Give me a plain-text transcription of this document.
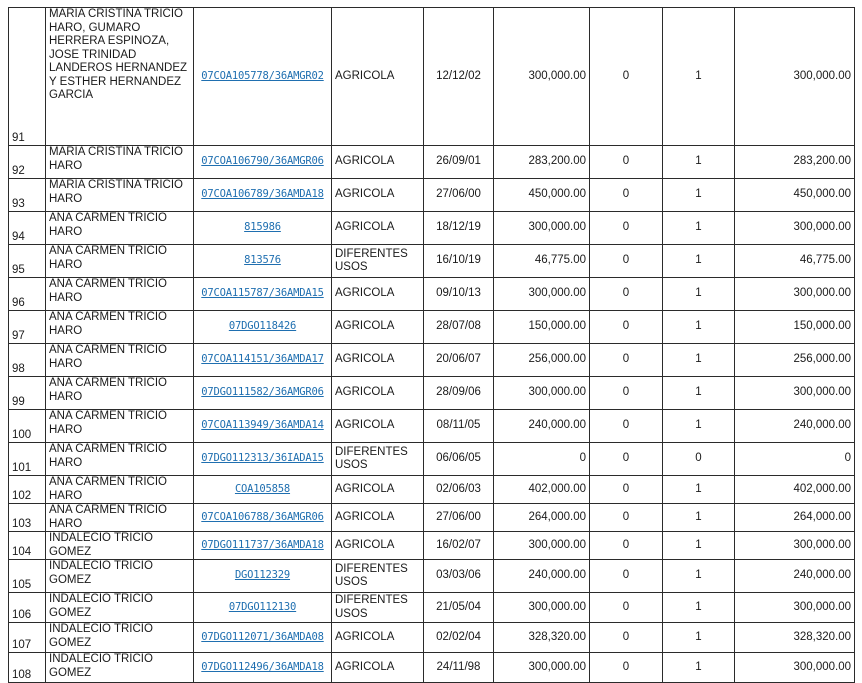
91	MARIA CRISTINA TRICIO HARO, GUMARO HERRERA ESPINOZA, JOSE TRINIDAD LANDEROS HERNANDEZ Y ESTHER HERNANDEZ GARCIA	07COA105778/36AMGR02	AGRICOLA	12/12/02	300,000.00	0	1	300,000.00
92	MARIA CRISTINA TRICIO HARO	07COA106790/36AMGR06	AGRICOLA	26/09/01	283,200.00	0	1	283,200.00
93	MARIA CRISTINA TRICIO HARO	07COA106789/36AMDA18	AGRICOLA	27/06/00	450,000.00	0	1	450,000.00
94	ANA CARMEN TRICIO HARO	815986	AGRICOLA	18/12/19	300,000.00	0	1	300,000.00
95	ANA CARMEN TRICIO HARO	813576	DIFERENTES USOS	16/10/19	46,775.00	0	1	46,775.00
96	ANA CARMEN TRICIO HARO	07COA115787/36AMDA15	AGRICOLA	09/10/13	300,000.00	0	1	300,000.00
97	ANA CARMEN TRICIO HARO	07DGO118426	AGRICOLA	28/07/08	150,000.00	0	1	150,000.00
98	ANA CARMEN TRICIO HARO	07COA114151/36AMDA17	AGRICOLA	20/06/07	256,000.00	0	1	256,000.00
99	ANA CARMEN TRICIO HARO	07DGO111582/36AMGR06	AGRICOLA	28/09/06	300,000.00	0	1	300,000.00
100	ANA CARMEN TRICIO HARO	07COA113949/36AMDA14	AGRICOLA	08/11/05	240,000.00	0	1	240,000.00
101	ANA CARMEN TRICIO HARO	07DGO112313/36IADA15	DIFERENTES USOS	06/06/05	0	0	0	0
102	ANA CARMEN TRICIO HARO	COA105858	AGRICOLA	02/06/03	402,000.00	0	1	402,000.00
103	ANA CARMEN TRICIO HARO	07COA106788/36AMGR06	AGRICOLA	27/06/00	264,000.00	0	1	264,000.00
104	INDALECIO TRICIO GOMEZ	07DGO111737/36AMDA18	AGRICOLA	16/02/07	300,000.00	0	1	300,000.00
105	INDALECIO TRICIO GOMEZ	DGO112329	DIFERENTES USOS	03/03/06	240,000.00	0	1	240,000.00
106	INDALECIO TRICIO GOMEZ	07DGO112130	DIFERENTES USOS	21/05/04	300,000.00	0	1	300,000.00
107	INDALECIO TRICIO GOMEZ	07DGO112071/36AMDA08	AGRICOLA	02/02/04	328,320.00	0	1	328,320.00
108	INDALECIO TRICIO GOMEZ	07DGO112496/36AMDA18	AGRICOLA	24/11/98	300,000.00	0	1	300,000.00
